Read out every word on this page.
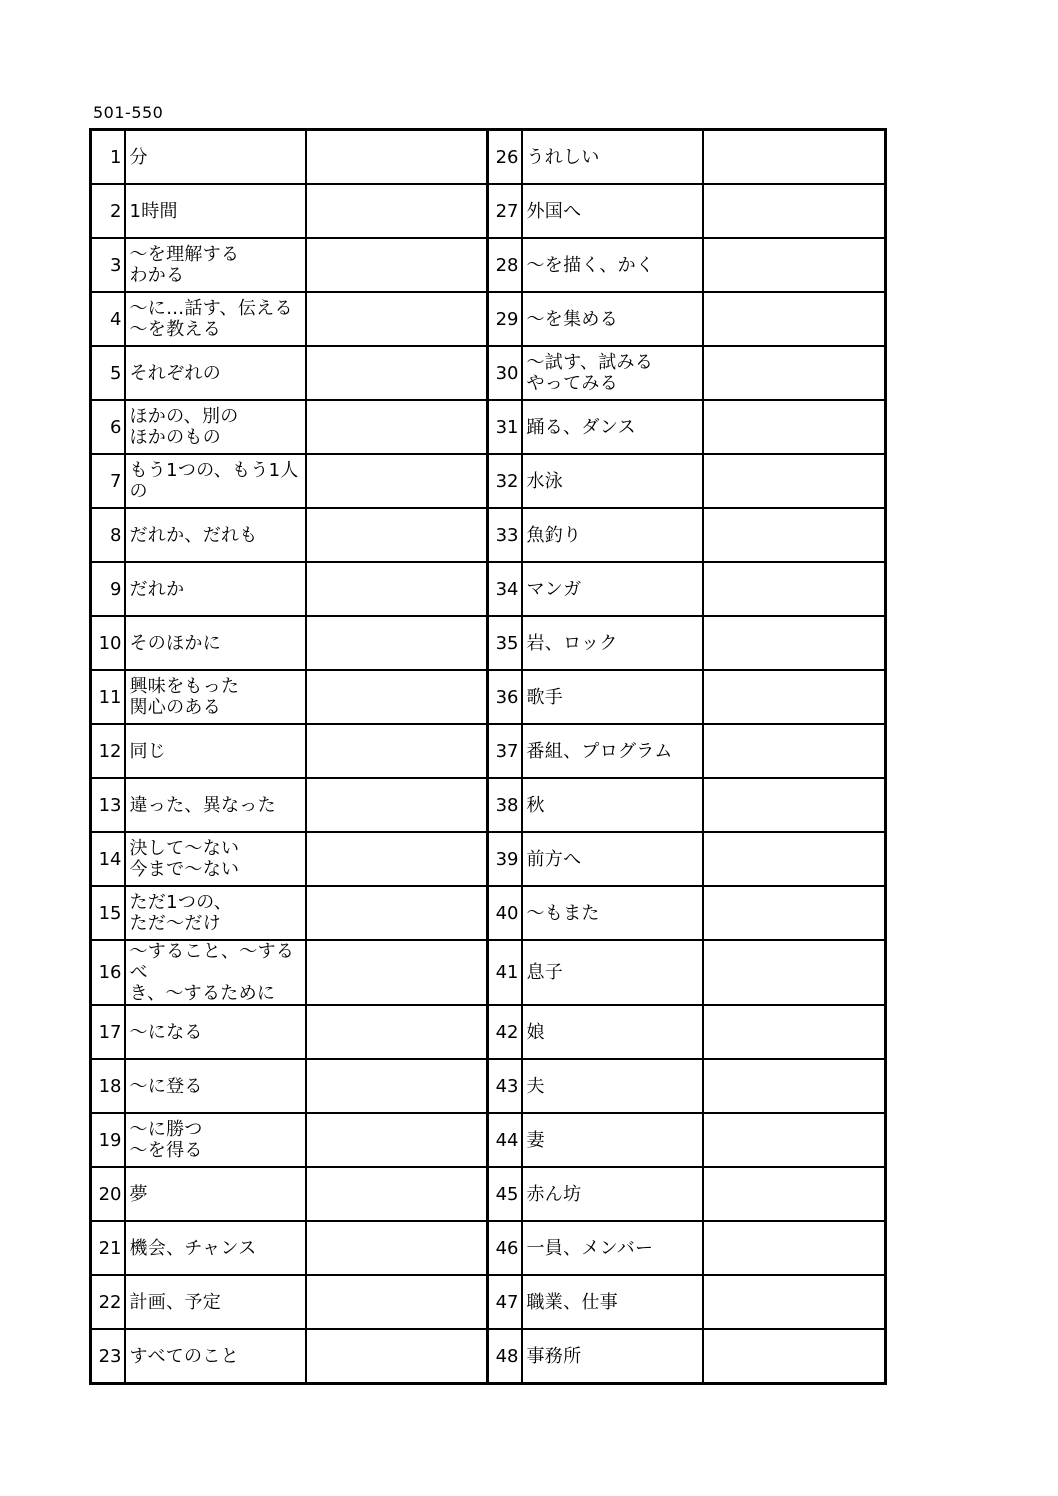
501-550
1	分		26	うれしい	
2	1時間		27	外国へ	
3	〜を理解する
わかる		28	〜を描く、かく	
4	〜に…話す、伝える
〜を教える		29	〜を集める	
5	それぞれの		30	〜試す、試みる
やってみる	
6	ほかの、別の
ほかのもの		31	踊る、ダンス	
7	もう1つの、もう1人の		32	水泳	
8	だれか、だれも		33	魚釣り	
9	だれか		34	マンガ	
10	そのほかに		35	岩、ロック	
11	興味をもった
関心のある		36	歌手	
12	同じ		37	番組、プログラム	
13	違った、異なった		38	秋	
14	決して〜ない
今まで〜ない		39	前方へ	
15	ただ1つの、
ただ〜だけ		40	〜もまた	
16	〜すること、〜するべ
き、〜するために		41	息子	
17	〜になる		42	娘	
18	〜に登る		43	夫	
19	〜に勝つ
〜を得る		44	妻	
20	夢		45	赤ん坊	
21	機会、チャンス		46	一員、メンバー	
22	計画、予定		47	職業、仕事	
23	すべてのこと		48	事務所	
